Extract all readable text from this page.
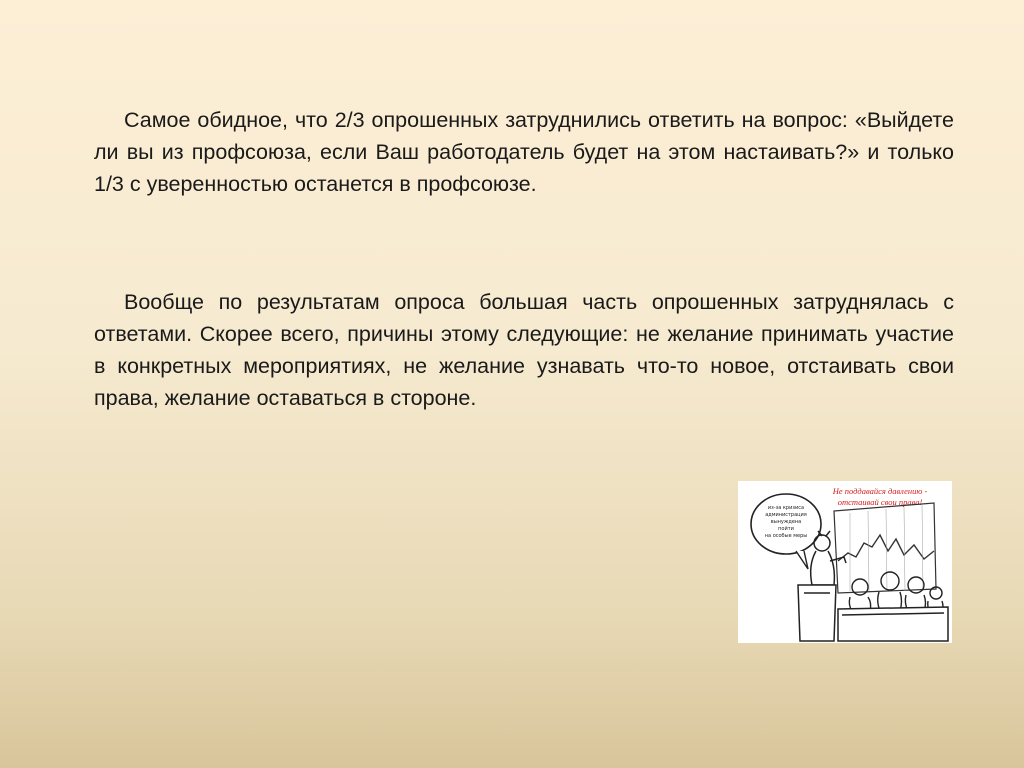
Самое обидное, что 2/3 опрошенных затруднились ответить на вопрос: «Выйдете ли вы из профсоюза, если Ваш работодатель будет на этом настаивать?» и только 1/3 с уверенностью останется в профсоюзе.

Вообще по результатам опроса большая часть опрошенных затруднялась с ответами. Скорее всего, причины этому следующие: не желание принимать участие в конкретных мероприятиях, не желание узнавать что-то новое, отстаивать свои права, желание оставаться в стороне.

Не поддавайся давлению -
отстаивай свои права!
из-за кризиса
администрация
вынуждена
пойти
на особые меры
